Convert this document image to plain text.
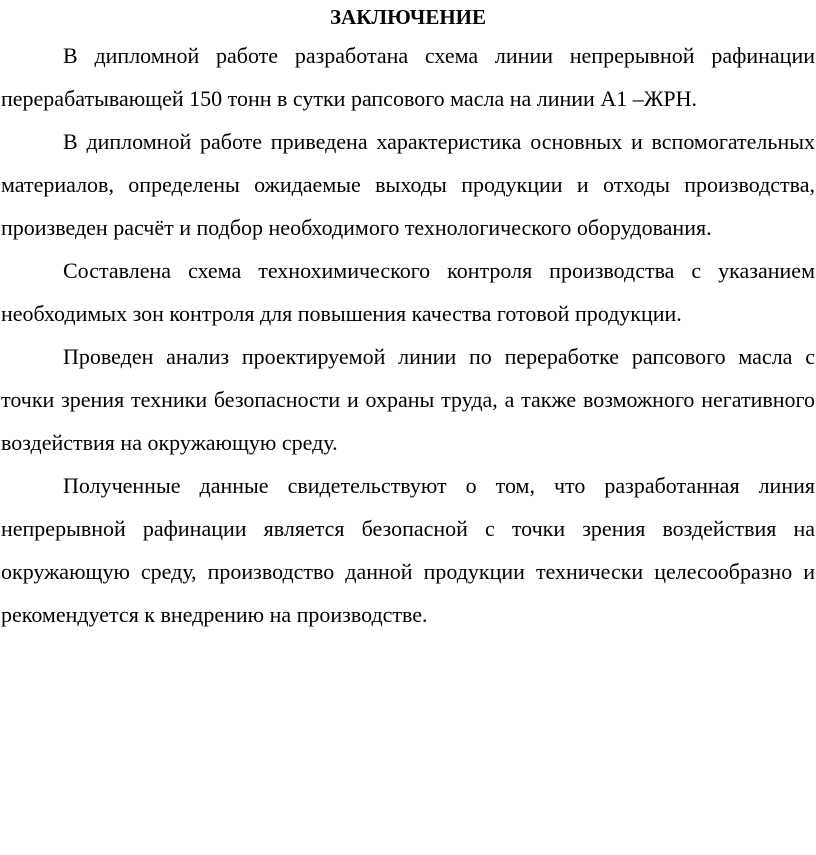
ЗАКЛЮЧЕНИЕ

В дипломной работе разработана схема линии непрерывной рафинации перерабатывающей 150 тонн в сутки рапсового масла на линии А1 –ЖРН.

В дипломной работе приведена характеристика основных и вспомогательных материалов, определены ожидаемые выходы продукции и отходы производства, произведен расчёт и подбор необходимого технологического оборудования.

Составлена схема технохимического контроля производства с указанием необходимых зон контроля для повышения качества готовой продукции.

Проведен анализ проектируемой линии по переработке рапсового масла с точки зрения техники безопасности и охраны труда, а также возможного негативного воздействия на окружающую среду.

Полученные данные свидетельствуют о том, что разработанная линия непрерывной рафинации является безопасной с точки зрения воздействия на окружающую среду, производство данной продукции технически целесообразно и рекомендуется к внедрению на производстве.
